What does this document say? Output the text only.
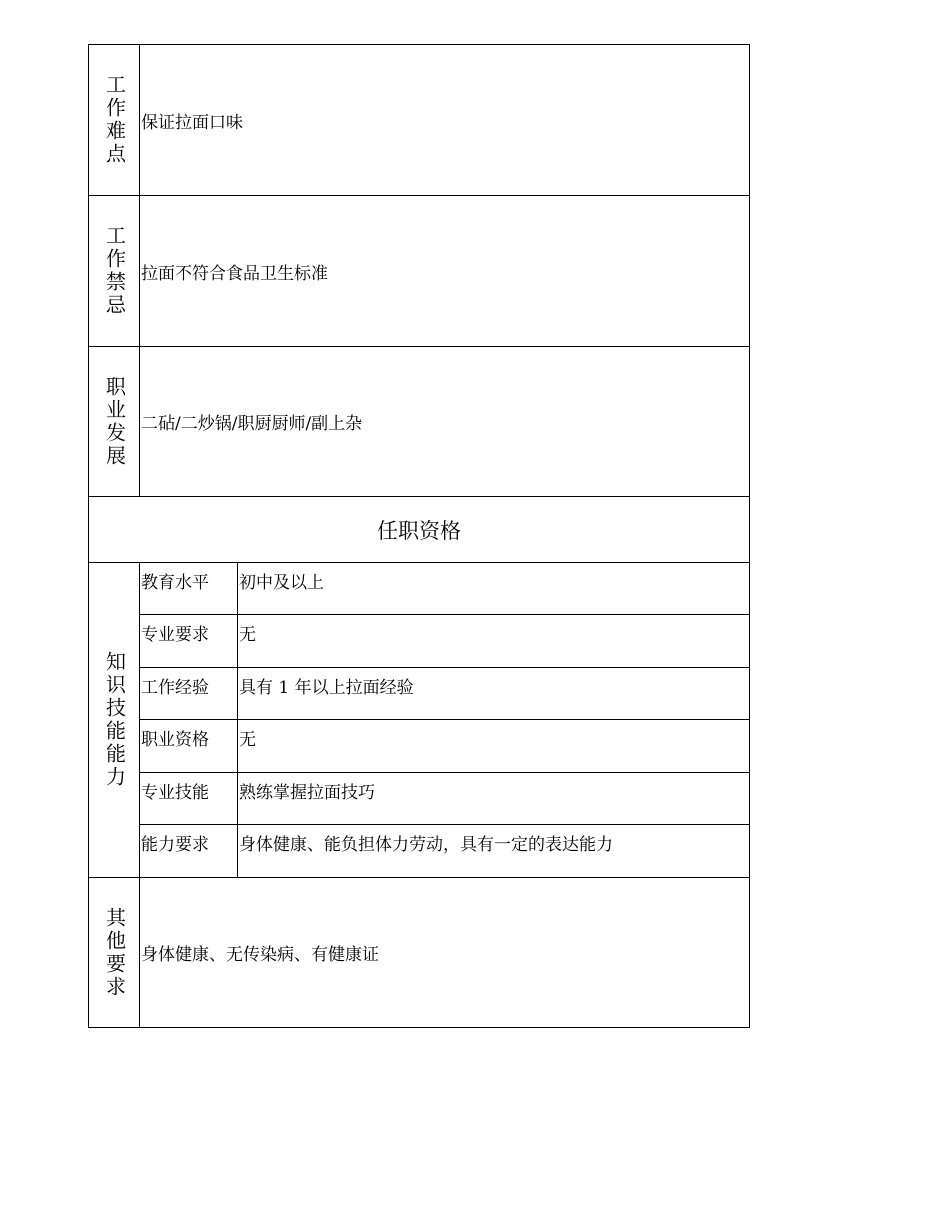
工作难点 保证拉面口味
工作禁忌 拉面不符合食品卫生标准
职业发展 二砧/二炒锅/职厨厨师/副上杂
任职资格
知识技能能力
教育水平	初中及以上
专业要求	无
工作经验	具有 1 年以上拉面经验
职业资格	无
专业技能	熟练掌握拉面技巧
能力要求	身体健康、能负担体力劳动，具有一定的表达能力
其他要求 身体健康、无传染病、有健康证
